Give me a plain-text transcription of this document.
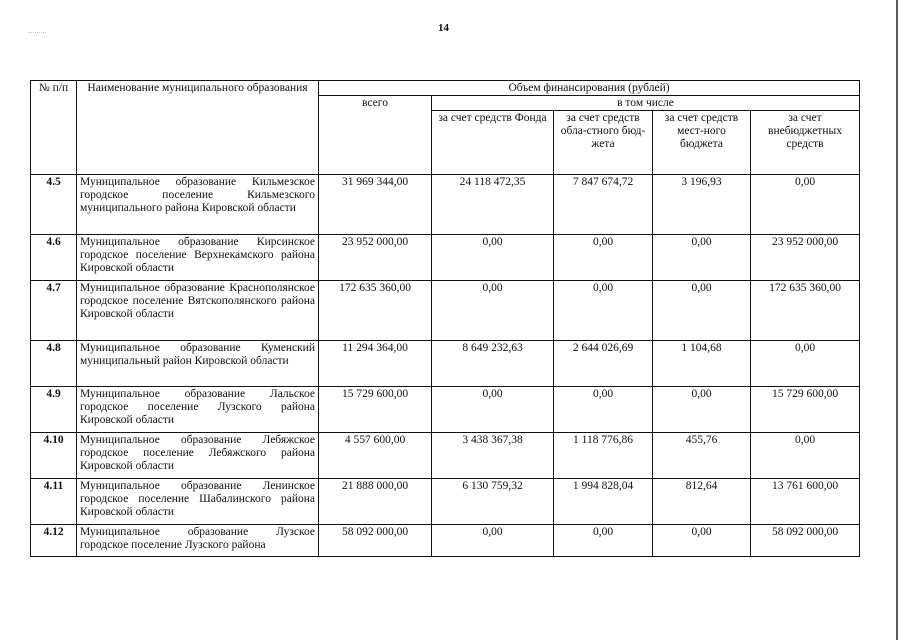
14
№ п/п	Наименование муниципального образования	Объем финансирования (рублей)				
		всего	в том числе			
			за счет средств Фонда	за счет средств обла-стного бюд-жета	за счет средств мест-ного бюджета	за счет внебюджетных средств
4.5	Муниципальное образование Кильмезское городское поселение Кильмезского муниципального района Кировской области	31 969 344,00	24 118 472,35	7 847 674,72	3 196,93	0,00
4.6	Муниципальное образование Кирсинское городское поселение Верхнекамского района Кировской области	23 952 000,00	0,00	0,00	0,00	23 952 000,00
4.7	Муниципальное образование Краснополянское городское поселение Вятскополянского района Кировской области	172 635 360,00	0,00	0,00	0,00	172 635 360,00
4.8	Муниципальное образование Куменский муниципальный район Кировской области	11 294 364,00	8 649 232,63	2 644 026,69	1 104,68	0,00
4.9	Муниципальное образование Лальское городское поселение Лузского района Кировской области	15 729 600,00	0,00	0,00	0,00	15 729 600,00
4.10	Муниципальное образование Лебяжское городское поселение Лебяжского района Кировской области	4 557 600,00	3 438 367,38	1 118 776,86	455,76	0,00
4.11	Муниципальное образование Ленинское городское поселение Шабалинского района Кировской области	21 888 000,00	6 130 759,32	1 994 828,04	812,64	13 761 600,00
4.12	Муниципальное образование Лузское городское поселение Лузского района	58 092 000,00	0,00	0,00	0,00	58 092 000,00
